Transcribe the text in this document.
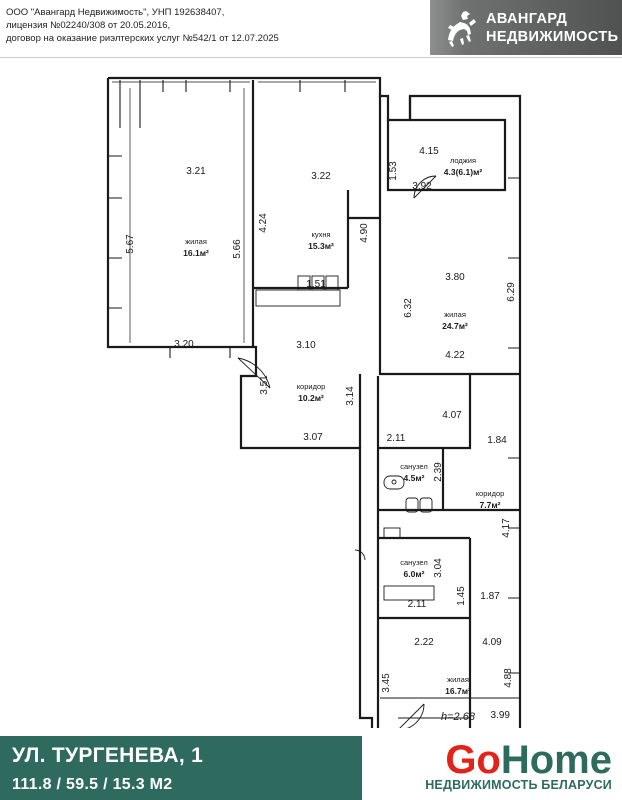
ООО "Авангард Недвижимость", УНП 192638407,
лицензия №02240/308 от 20.05.2016,
договор на оказание риэлтерских услуг №542/1 от 12.07.2025
АВАНГАРД
НЕДВИЖИМОСТЬ
жилая
16.1м²
кухня
15.3м²
лоджия
4.3(6.1)м²
жилая
24.7м²
коридор
10.2м²
санузел
4.5м²
коридор
7.7м²
санузел
6.0м²
жилая
16.7м²
h=2.68
3.21	3.22	1.53
4.15
3.92
5.67	5.66
4.24
4.90
6.29
3.80
6.32
4.22
1.51
3.10
3.20
3.51
3.14
3.07
4.07
1.84
2.11
2.39
4.17
3.04
1.45 1.87
2.11
2.22	4.09
3.45	4.88
УЛ. ТУРГЕНЕВА, 1
111.8 / 59.5 / 15.3 М2
GoHome
НЕДВИЖИМОСТЬ БЕЛАРУСИ
3.99
